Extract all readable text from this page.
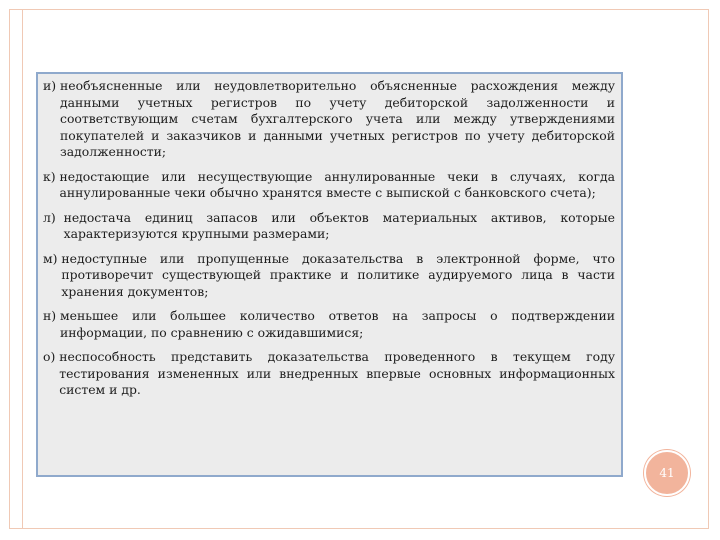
и) необъясненные или неудовлетворительно объясненные расхождения между данными учетных регистров по учету дебиторской задолженности и соответствующим счетам бухгалтерского учета или между утверждениями покупателей и заказчиков и данными учетных регистров по учету дебиторской задолженности;
к) недостающие или несуществующие аннулированные чеки в случаях, когда аннулированные чеки обычно хранятся вместе с выпиской с банковского счета);
л) недостача единиц запасов или объектов материальных активов, которые характеризуются крупными размерами;
м) недоступные или пропущенные доказательства в электронной форме, что противоречит существующей практике и политике аудируемого лица в части хранения документов;
н) меньшее или большее количество ответов на запросы о подтверждении информации, по сравнению с ожидавшимися;
о) неспособность представить доказательства проведенного в текущем году тестирования измененных или внедренных впервые основных информационных систем и др.
41
